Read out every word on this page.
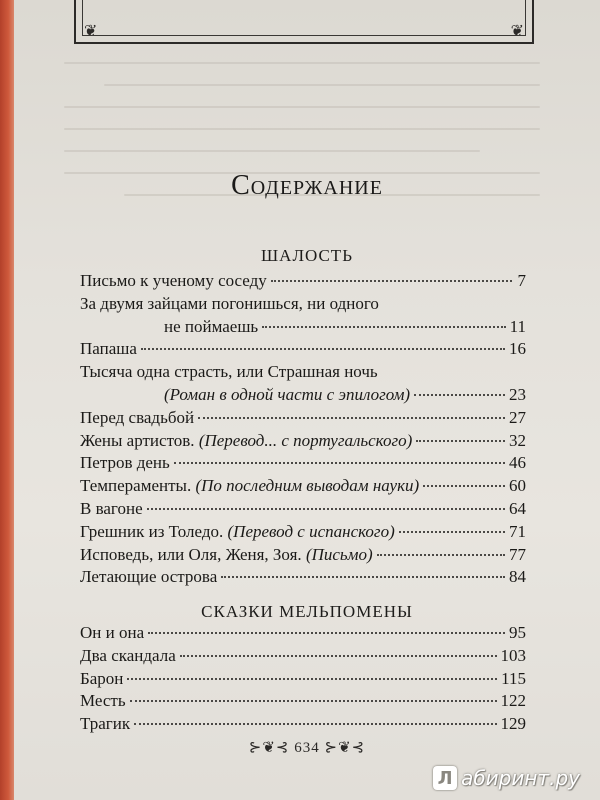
❦	❦
Содержание
ШАЛОСТЬ
Письмо к ученому соседу	7
За двумя зайцами погонишься, ни одного
не поймаешь	11
Папаша	16
Тысяча одна страсть, или Страшная ночь
(Роман в одной части с эпилогом)	23
Перед свадьбой	27
Жены артистов.
(Перевод... с португальского)	32
Петров день	46
Темпераменты.
(По последним выводам науки)	60
В вагоне	64
Грешник из Толедо.
(Перевод с испанского)	71
Исповедь, или Оля, Женя, Зоя.
(Письмо)	77
Летающие острова	84
СКАЗКИ МЕЛЬПОМЕНЫ
Он и она	95
Два скандала	103
Барон	115
Месть	122
Трагик	129
⊱❦⊰ 634 ⊱❦⊰
Л абиринт.ру
